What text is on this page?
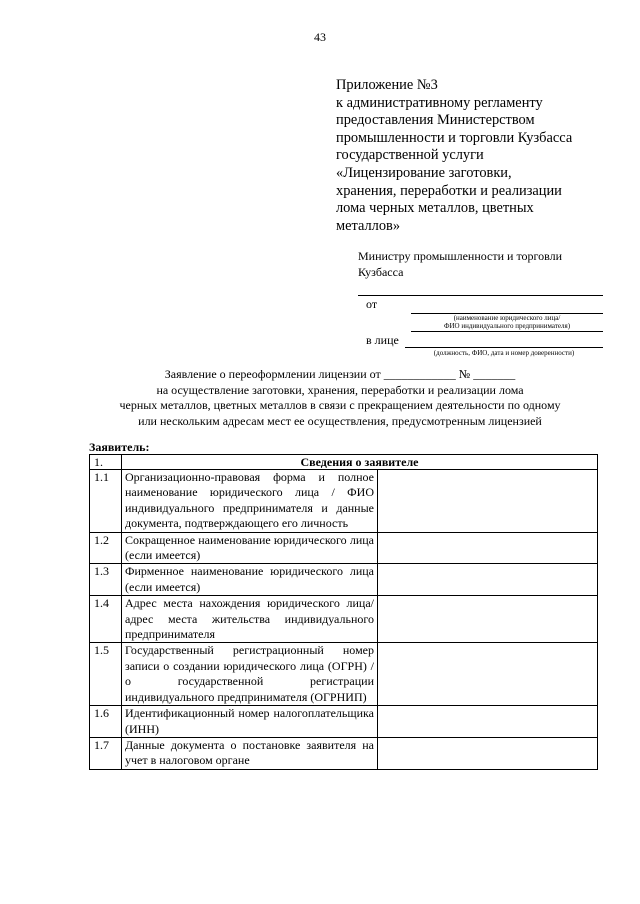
43
Приложение №3
к административному регламенту
предоставления Министерством
промышленности и торговли Кузбасса
государственной услуги
«Лицензирование заготовки,
хранения, переработки и реализации
лома черных металлов, цветных
металлов»
Министру промышленности и торговли Кузбасса
от
(наименование юридического лица/
ФИО индивидуального предпринимателя)
в лице
(должность, ФИО, дата и номер доверенности)
Заявление о переоформлении лицензии от ____________ № _______
на осуществление заготовки, хранения, переработки и реализации лома
черных металлов, цветных металлов в связи с прекращением деятельности по одному
или нескольким адресам мест ее осуществления, предусмотренным лицензией
Заявитель:
1.	Сведения о заявителе	
1.1	Организационно-правовая форма и полное наименование юридического лица / ФИО индивидуального предпринимателя и данные документа, подтверждающего его личность	
1.2	Сокращенное наименование юридического лица (если имеется)	
1.3	Фирменное наименование юридического лица (если имеется)	
1.4	Адрес места нахождения юридического лица/адрес места жительства индивидуального предпринимателя	
1.5	Государственный регистрационный номер записи о создании юридического лица (ОГРН) / о государственной регистрации индивидуального предпринимателя (ОГРНИП)	
1.6	Идентификационный номер налогоплательщика (ИНН)	
1.7	Данные документа о постановке заявителя на учет в налоговом органе	
